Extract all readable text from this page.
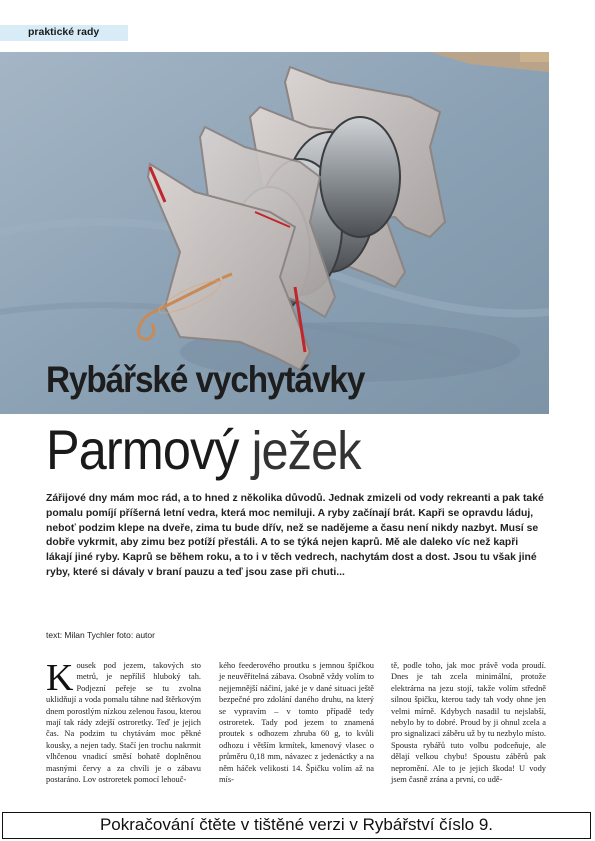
praktické rady
Rybářské vychytávky
Parmový ježek
Zářijové dny mám moc rád, a to hned z několika důvodů. Jednak zmizeli od vody rekreanti a pak také pomalu pomíjí příšerná letní vedra, která moc nemiluji. A ryby začínají brát. Kapři se opravdu láduj, neboť podzim klepe na dveře, zima tu bude dřív, než se nadějeme a času není nikdy nazbyt. Musí se dobře vykrmit, aby zimu bez potíží přestáli. A to se týká nejen kaprů. Mě ale daleko víc než kapři lákají jiné ryby. Kaprů se během roku, a to i v těch vedrech, nachytám dost a dost. Jsou tu však jiné ryby, které si dávaly v braní pauzu a teď jsou zase při chuti...
text: Milan Tychler foto: autor
Kousek pod jezem, takových sto metrů, je nepříliš hluboký tah. Podjezní peřeje se tu zvolna uklidňují a voda pomalu táhne nad štěrkovým dnem porostlým nízkou zelenou řasou, kterou mají tak rády zdejší ostroretky. Teď je jejich čas. Na podzim tu chytávám moc pěkné kousky, a nejen tady. Stačí jen trochu nakrmit vlhčenou vnadicí směsí bohatě doplněnou masnými červy a za chvíli je o zábavu postaráno. Lov ostroretek pomocí lehouč-
kého feederového proutku s jemnou špičkou je neuvěřitelná zábava. Osobně vždy volím to nejjemnější náčiní, jaké je v dané situaci ještě bezpečné pro zdolání daného druhu, na který se vypravím – v tomto případě tedy ostroretek. Tady pod jezem to znamená proutek s odhozem zhruba 60 g, to kvůli odhozu i větším krmítek, kmenový vlasec o průměru 0,18 mm, návazec z jedenáctky a na něm háček velikosti 14. Špičku volím až na mís-
tě, podle toho, jak moc právě voda proudí. Dnes je tah zcela minimální, protože elektrárna na jezu stojí, takže volím středně silnou špičku, kterou tady tah vody ohne jen velmi mírně. Kdybych nasadil tu nejslabší, nebylo by to dobré. Proud by ji ohnul zcela a pro signalizaci záběru už by tu nezbylo místo. Spousta rybářů tuto volbu podceňuje, ale dělají velkou chybu! Spoustu záběrů pak nepromění. Ale to je jejich škoda! U vody jsem časně zrána a první, co udě-
Pokračování čtěte v tištěné verzi v Rybářství číslo 9.
